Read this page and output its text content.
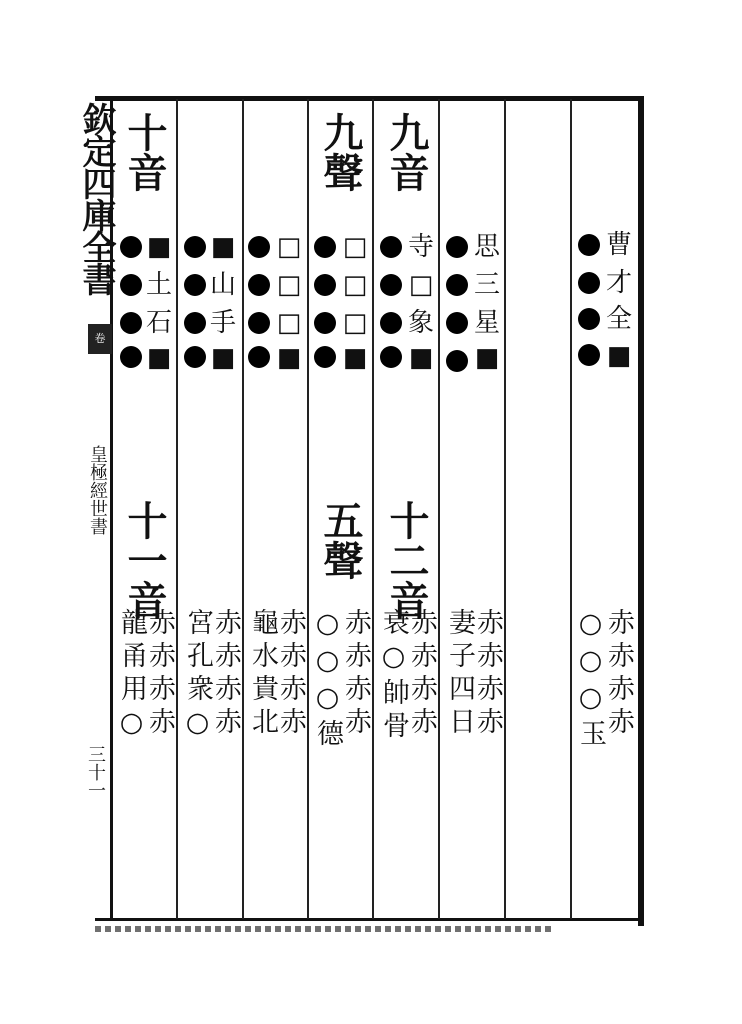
欽定四庫全書
卷
皇極經世書
三十一
十音
十一音
九聲
五聲
九音
十二音
■
土
石
■
■
山
手
■
□
□
□
■
□
□
□
■
寺
□
象
■
思
三
星
■
曹
才
全
■
赤赤赤赤
龍甬用○ 赤赤赤赤
宮孔衆○ 赤赤赤赤
龜水貴北 赤赤赤赤
○○○德 赤赤赤赤
衰○帥骨 赤赤赤赤
妻子四日	赤赤赤赤
○○○玉
